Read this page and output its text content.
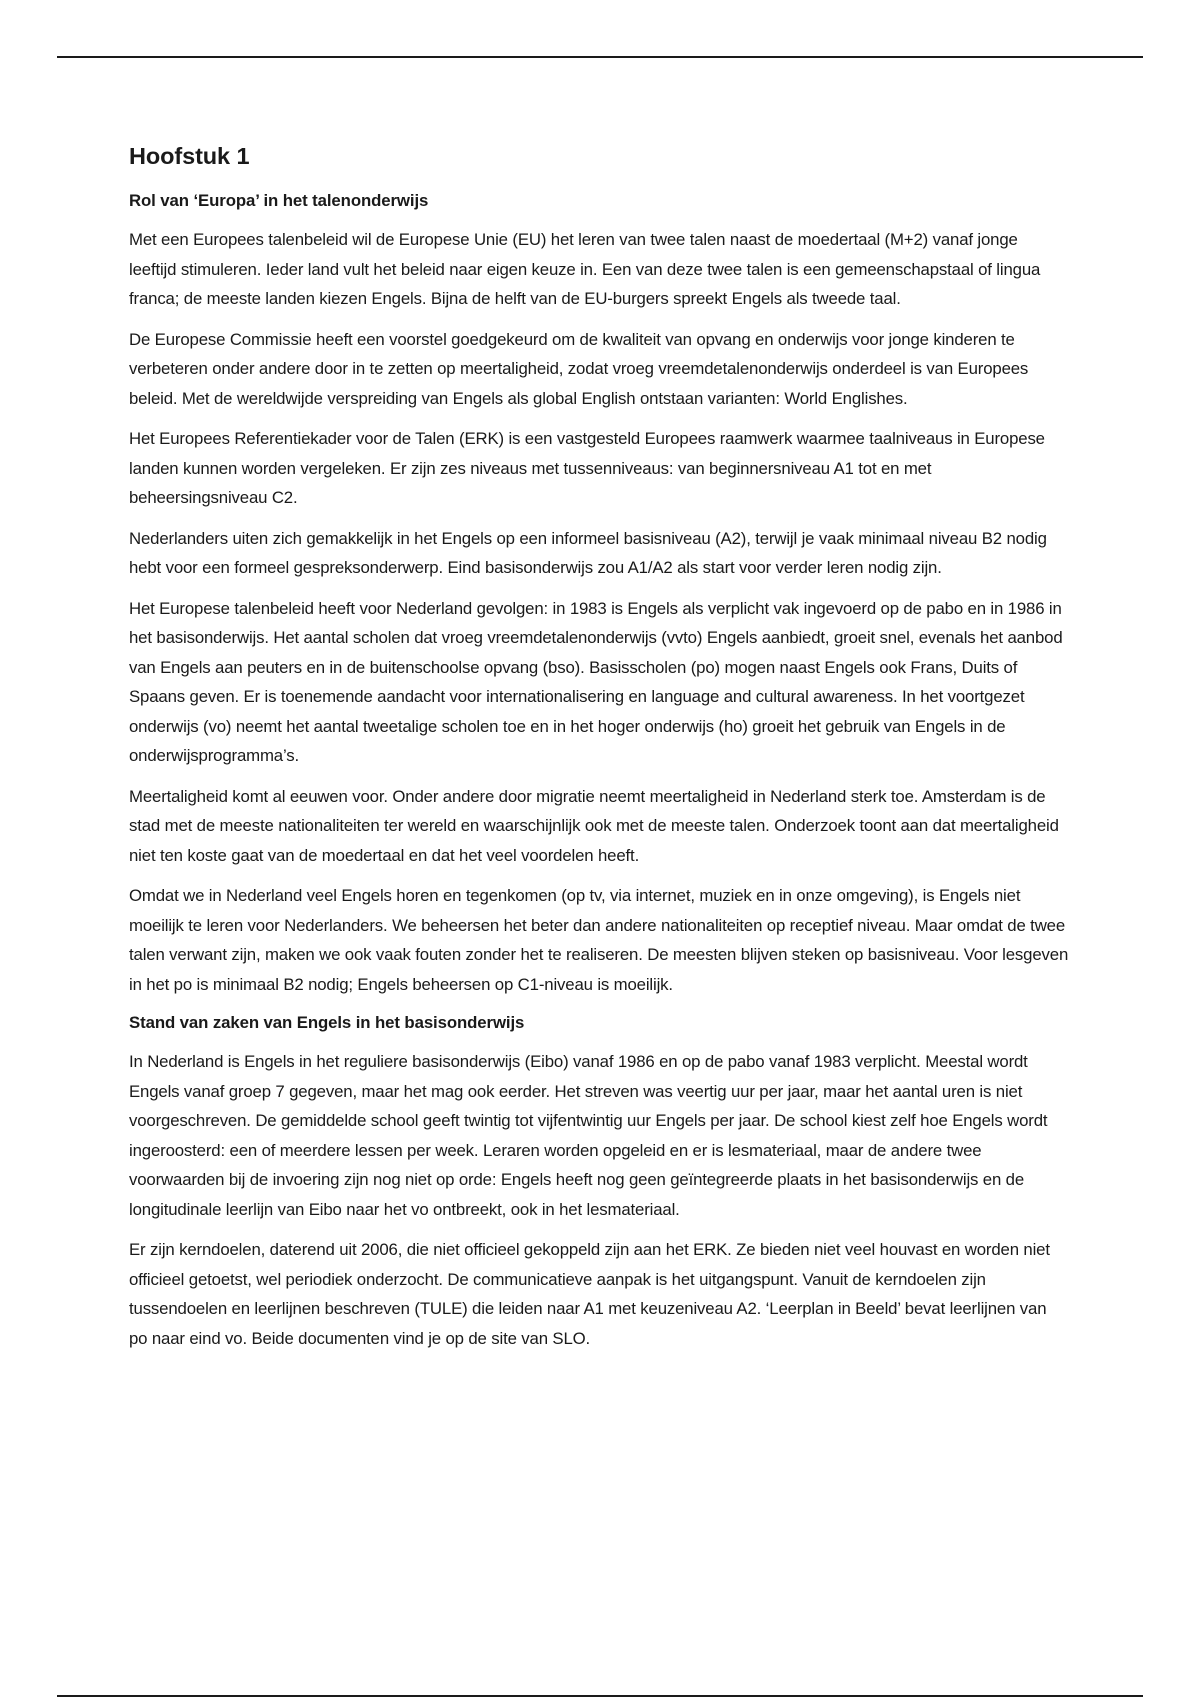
Hoofstuk 1
Rol van ‘Europa’ in het talenonderwijs

Met een Europees talenbeleid wil de Europese Unie (EU) het leren van twee talen naast de moedertaal (M+2) vanaf jonge leeftijd stimuleren. Ieder land vult het beleid naar eigen keuze in. Een van deze twee talen is een gemeenschapstaal of lingua franca; de meeste landen kiezen Engels. Bijna de helft van de EU-burgers spreekt Engels als tweede taal.

De Europese Commissie heeft een voorstel goedgekeurd om de kwaliteit van opvang en onderwijs voor jonge kinderen te verbeteren onder andere door in te zetten op meertaligheid, zodat vroeg vreemdetalenonderwijs onderdeel is van Europees beleid. Met de wereldwijde verspreiding van Engels als global English ontstaan varianten: World Englishes.

Het Europees Referentiekader voor de Talen (ERK) is een vastgesteld Europees raamwerk waarmee taalniveaus in Europese landen kunnen worden vergeleken. Er zijn zes niveaus met tussenniveaus: van beginnersniveau A1 tot en met beheersingsniveau C2.

Nederlanders uiten zich gemakkelijk in het Engels op een informeel basisniveau (A2), terwijl je vaak minimaal niveau B2 nodig hebt voor een formeel gespreksonderwerp. Eind basisonderwijs zou A1/A2 als start voor verder leren nodig zijn.

Het Europese talenbeleid heeft voor Nederland gevolgen: in 1983 is Engels als verplicht vak ingevoerd op de pabo en in 1986 in het basisonderwijs. Het aantal scholen dat vroeg vreemdetalenonderwijs (vvto) Engels aanbiedt, groeit snel, evenals het aanbod van Engels aan peuters en in de buitenschoolse opvang (bso). Basisscholen (po) mogen naast Engels ook Frans, Duits of Spaans geven. Er is toenemende aandacht voor internationalisering en language and cultural awareness. In het voortgezet onderwijs (vo) neemt het aantal tweetalige scholen toe en in het hoger onderwijs (ho) groeit het gebruik van Engels in de onderwijsprogramma’s.

Meertaligheid komt al eeuwen voor. Onder andere door migratie neemt meertaligheid in Nederland sterk toe. Amsterdam is de stad met de meeste nationaliteiten ter wereld en waarschijnlijk ook met de meeste talen. Onderzoek toont aan dat meertaligheid niet ten koste gaat van de moedertaal en dat het veel voordelen heeft.

Omdat we in Nederland veel Engels horen en tegenkomen (op tv, via internet, muziek en in onze omgeving), is Engels niet moeilijk te leren voor Nederlanders. We beheersen het beter dan andere nationaliteiten op receptief niveau. Maar omdat de twee talen verwant zijn, maken we ook vaak fouten zonder het te realiseren. De meesten blijven steken op basisniveau. Voor lesgeven in het po is minimaal B2 nodig; Engels beheersen op C1-niveau is moeilijk.

Stand van zaken van Engels in het basisonderwijs

In Nederland is Engels in het reguliere basisonderwijs (Eibo) vanaf 1986 en op de pabo vanaf 1983 verplicht. Meestal wordt Engels vanaf groep 7 gegeven, maar het mag ook eerder. Het streven was veertig uur per jaar, maar het aantal uren is niet voorgeschreven. De gemiddelde school geeft twintig tot vijfentwintig uur Engels per jaar. De school kiest zelf hoe Engels wordt ingeroosterd: een of meerdere lessen per week. Leraren worden opgeleid en er is lesmateriaal, maar de andere twee voorwaarden bij de invoering zijn nog niet op orde: Engels heeft nog geen geïntegreerde plaats in het basisonderwijs en de longitudinale leerlijn van Eibo naar het vo ontbreekt, ook in het lesmateriaal.

Er zijn kerndoelen, daterend uit 2006, die niet officieel gekoppeld zijn aan het ERK. Ze bieden niet veel houvast en worden niet officieel getoetst, wel periodiek onderzocht. De communicatieve aanpak is het uitgangspunt. Vanuit de kerndoelen zijn tussendoelen en leerlijnen beschreven (TULE) die leiden naar A1 met keuzeniveau A2. ‘Leerplan in Beeld’ bevat leerlijnen van po naar eind vo. Beide documenten vind je op de site van SLO.
